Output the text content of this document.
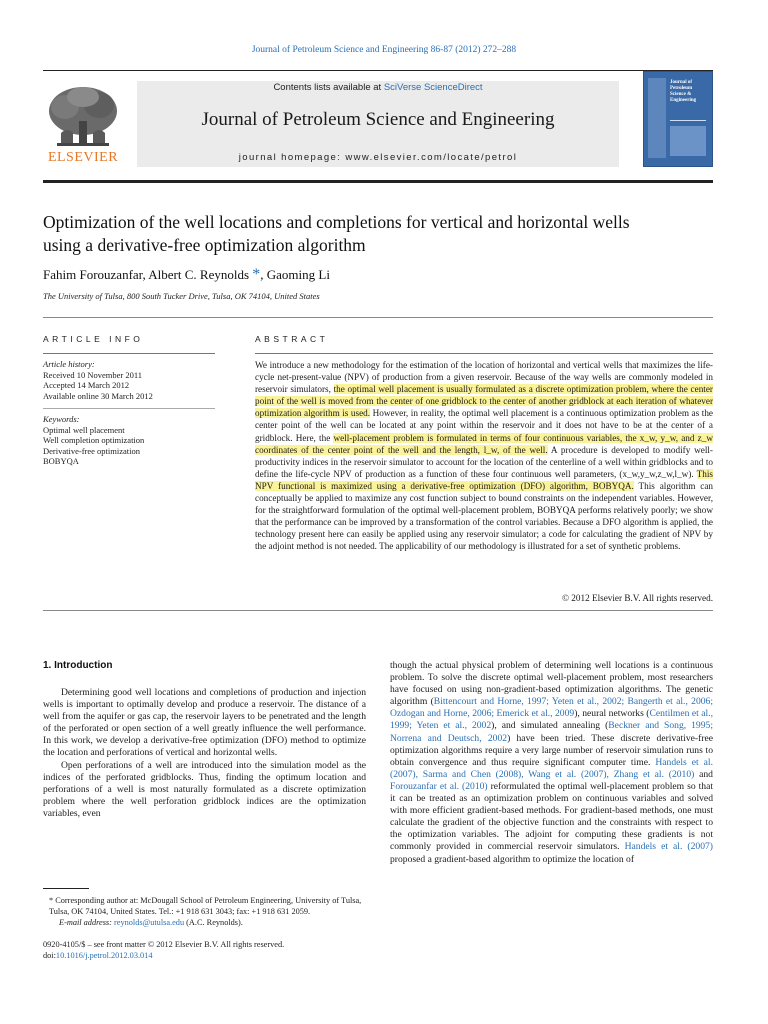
Journal of Petroleum Science and Engineering 86-87 (2012) 272–288
ELSEVIER
Contents lists available at SciVerse ScienceDirect
Journal of Petroleum Science and Engineering
journal homepage: www.elsevier.com/locate/petrol
Journal of
Petroleum
Science &
Engineering
Optimization of the well locations and completions for vertical and horizontal wells
using a derivative-free optimization algorithm
Fahim Forouzanfar, Albert C. Reynolds *, Gaoming Li
The University of Tulsa, 800 South Tucker Drive, Tulsa, OK 74104, United States
ARTICLE INFO
Article history:
Received 10 November 2011
Accepted 14 March 2012
Available online 30 March 2012
Keywords:
Optimal well placement
Well completion optimization
Derivative-free optimization
BOBYQA
ABSTRACT
We introduce a new methodology for the estimation of the location of horizontal and vertical wells that maximizes the life-cycle net-present-value (NPV) of production from a given reservoir. Because of the way wells are commonly modeled in reservoir simulators, the optimal well placement is usually formulated as a discrete optimization problem, where the center point of the well is moved from the center of one gridblock to the center of another gridblock at each iteration of whatever optimization algorithm is used. However, in reality, the optimal well placement is a continuous optimization problem as the center point of the well can be located at any point within the reservoir and it does not have to be at the center of a gridblock. Here, the well-placement problem is formulated in terms of four continuous variables, the x_w, y_w, and z_w coordinates of the center point of the well and the length, l_w, of the well. A procedure is developed to modify well-productivity indices in the reservoir simulator to account for the location of the centerline of a well within gridblocks and to define the life-cycle NPV of production as a function of these four continuous well parameters, (x_w,y_w,z_w,l_w). This NPV functional is maximized using a derivative-free optimization (DFO) algorithm, BOBYQA. This algorithm can conceptually be applied to maximize any cost function subject to bound constraints on the independent variables. However, for the straightforward formulation of the optimal well-placement problem, BOBYQA performs relatively poorly; we show that the performance can be improved by a transformation of the control variables. Because a DFO algorithm is applied, the technology present here can easily be applied using any reservoir simulator; a code for calculating the gradient of NPV by the adjoint method is not needed. The applicability of our methodology is illustrated for a set of synthetic problems.
© 2012 Elsevier B.V. All rights reserved.
1. Introduction

Determining good well locations and completions of production and injection wells is important to optimally develop and produce a reservoir. The distance of a well from the aquifer or gas cap, the reservoir layers to be penetrated and the length of the perforated or open section of a well greatly influence the well performance. In this work, we develop a derivative-free optimization (DFO) method to optimize the location and perforations of vertical and horizontal wells.

Open perforations of a well are introduced into the simulation model as the indices of the perforated gridblocks. Thus, finding the optimum location and perforations of a well is most naturally formulated as a discrete optimization problem where the well perforation gridblock indices are the optimization variables, even

* Corresponding author at: McDougall School of Petroleum Engineering, University of Tulsa, Tulsa, OK 74104, United States. Tel.: +1 918 631 3043; fax: +1 918 631 2059.
E-mail address: reynolds@utulsa.edu (A.C. Reynolds).
0920-4105/$ – see front matter © 2012 Elsevier B.V. All rights reserved.
doi:10.1016/j.petrol.2012.03.014
though the actual physical problem of determining well locations is a continuous problem. To solve the discrete optimal well-placement problem, most researchers have focused on using non-gradient-based optimization algorithms. The genetic algorithm (Bittencourt and Horne, 1997; Yeten et al., 2002; Bangerth et al., 2006; Ozdogan and Horne, 2006; Emerick et al., 2009), neural networks (Centilmen et al., 1999; Yeten et al., 2002), and simulated annealing (Beckner and Song, 1995; Norrena and Deutsch, 2002) have been tried. These discrete derivative-free optimization algorithms require a very large number of reservoir simulation runs to obtain convergence and thus require significant computer time. Handels et al. (2007), Sarma and Chen (2008), Wang et al. (2007), Zhang et al. (2010) and Forouzanfar et al. (2010) reformulated the optimal well-placement problem so that it can be treated as an optimization problem on continuous variables and solved with more efficient gradient-based methods. For gradient-based methods, one must calculate the gradient of the objective function and the constraints with respect to the optimization variables. The adjoint for computing these gradients is not commonly provided in commercial reservoir simulators. Handels et al. (2007) proposed a gradient-based algorithm to optimize the location of
